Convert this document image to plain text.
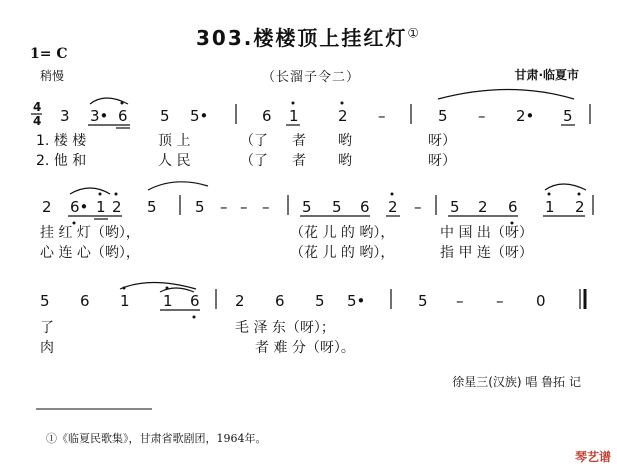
303.楼楼顶上挂红灯①
1= C
稍慢	（长溜子令二）	甘肃·临夏市
4
4 3 3• 6 5 5•	6 1	2 –	5 – 2• 5
1. 楼 楼	顶 上	（了 者 哟	呀）
2. 他 和	人 民	（了 者 哟	呀）
2 6• 1 2 5	5 – – – 5 5 6 2 – 5 2 6 1 2
挂 红 灯（哟），	（花 儿 的 哟），	中 国 出（呀）
心 连 心（哟），	（花 儿 的 哟），	指 甲 连（呀）
5 6 1 1 6 2 6 5 5•	5 – – 0
了	毛 泽 东（呀）；
肉	者 难 分（呀）。
徐星三(汉族) 唱 鲁拓 记
①《临夏民歌集》，甘肃省歌剧团，1964年。
琴艺谱
